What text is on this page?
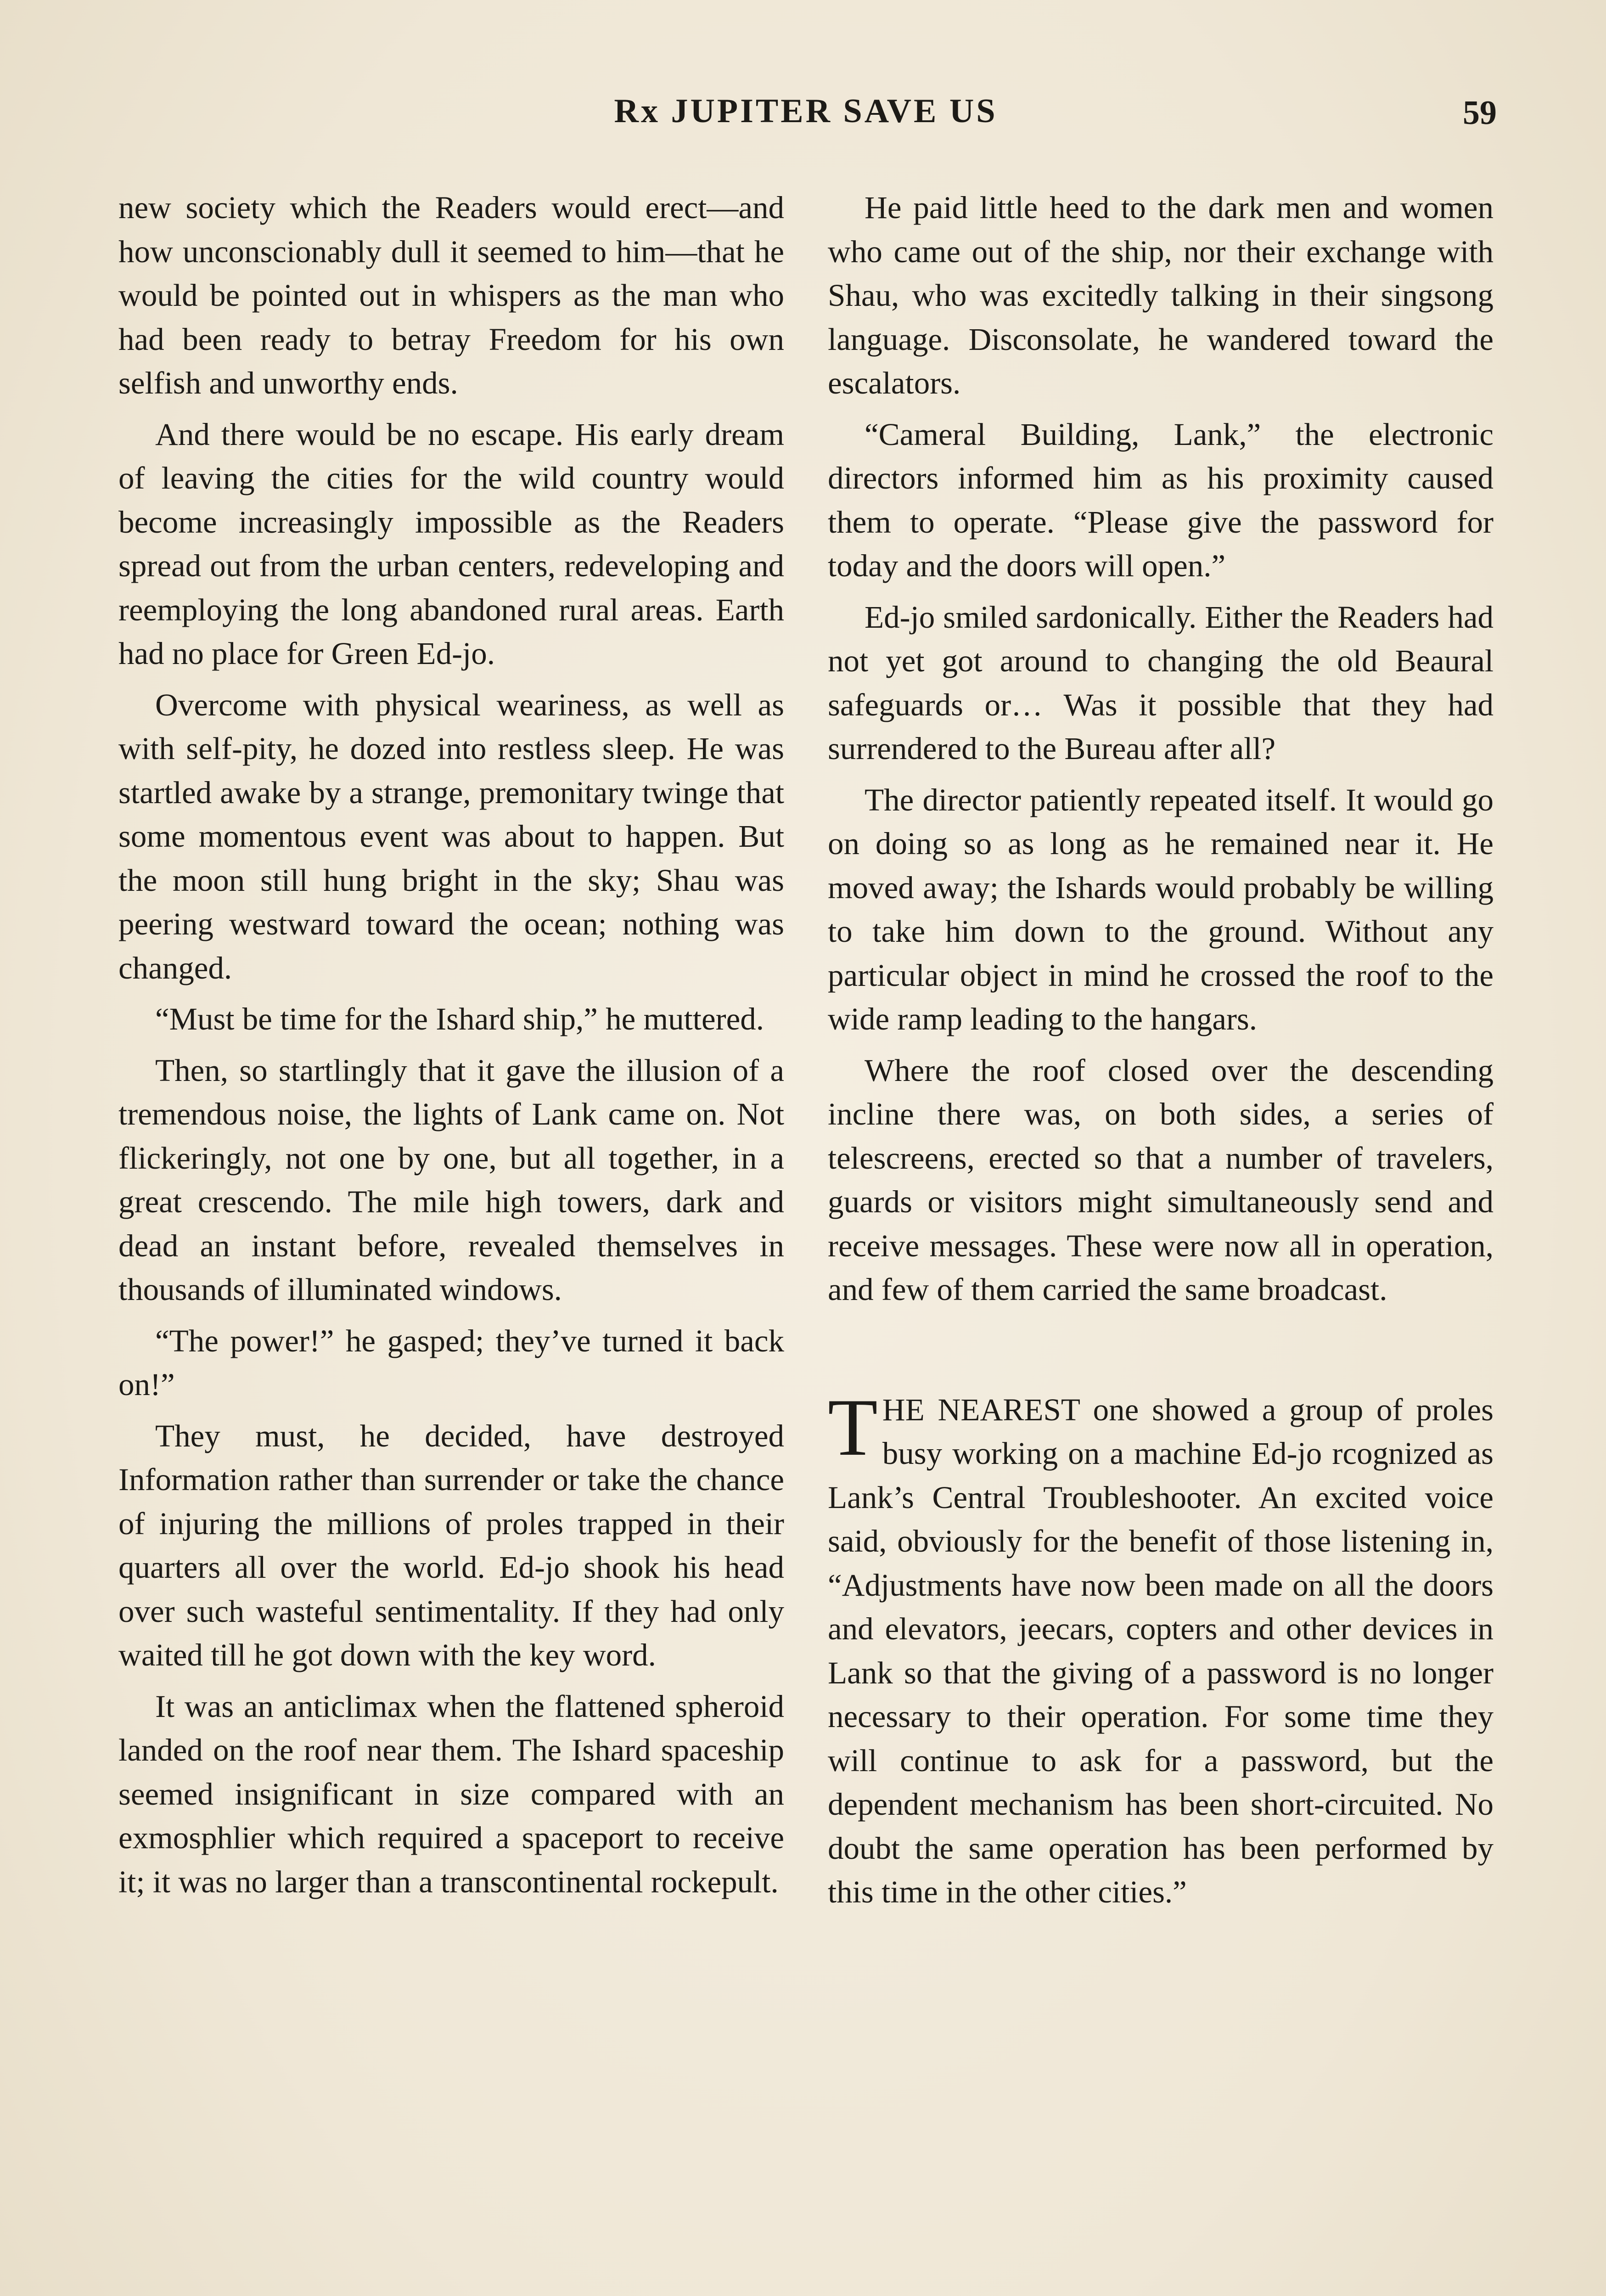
Rx JUPITER SAVE US	59

new society which the Readers would erect—and how unconscionably dull it seemed to him—that he would be pointed out in whispers as the man who had been ready to betray Freedom for his own selfish and unworthy ends.

And there would be no escape. His early dream of leaving the cities for the wild country would become increasingly impossible as the Readers spread out from the urban centers, redeveloping and reemploying the long abandoned rural areas. Earth had no place for Green Ed-jo.

Overcome with physical weariness, as well as with self-pity, he dozed into restless sleep. He was startled awake by a strange, premonitary twinge that some momentous event was about to happen. But the moon still hung bright in the sky; Shau was peering westward toward the ocean; nothing was changed.

“Must be time for the Ishard ship,” he muttered.

Then, so startlingly that it gave the illusion of a tremendous noise, the lights of Lank came on. Not flickeringly, not one by one, but all together, in a great crescendo. The mile high towers, dark and dead an instant before, revealed themselves in thousands of illuminated windows.

“The power!” he gasped; they’ve turned it back on!”

They must, he decided, have destroyed Information rather than surrender or take the chance of injuring the millions of proles trapped in their quarters all over the world. Ed-jo shook his head over such wasteful sentimentality. If they had only waited till he got down with the key word.

It was an anticlimax when the flattened spheroid landed on the roof near them. The Ishard spaceship seemed insignificant in size compared with an exmosphlier which required a spaceport to receive it; it was no larger than a transcontinental rockepult.

He paid little heed to the dark men and women who came out of the ship, nor their exchange with Shau, who was excitedly talking in their singsong language. Disconsolate, he wandered toward the escalators.

“Cameral Building, Lank,” the electronic directors informed him as his proximity caused them to operate. “Please give the password for today and the doors will open.”

Ed-jo smiled sardonically. Either the Readers had not yet got around to changing the old Beaural safeguards or… Was it possible that they had surrendered to the Bureau after all?

The director patiently repeated itself. It would go on doing so as long as he remained near it. He moved away; the Ishards would probably be willing to take him down to the ground. Without any particular object in mind he crossed the roof to the wide ramp leading to the hangars.

Where the roof closed over the descending incline there was, on both sides, a series of telescreens, erected so that a number of travelers, guards or visitors might simultaneously send and receive messages. These were now all in operation, and few of them carried the same broadcast.

THE NEAREST one showed a group of proles busy working on a machine Ed-jo rcognized as Lank’s Central Troubleshooter. An excited voice said, obviously for the benefit of those listening in, “Adjustments have now been made on all the doors and elevators, jeecars, copters and other devices in Lank so that the giving of a password is no longer necessary to their operation. For some time they will continue to ask for a password, but the dependent mechanism has been short-circuited. No doubt the same operation has been performed by this time in the other cities.”
